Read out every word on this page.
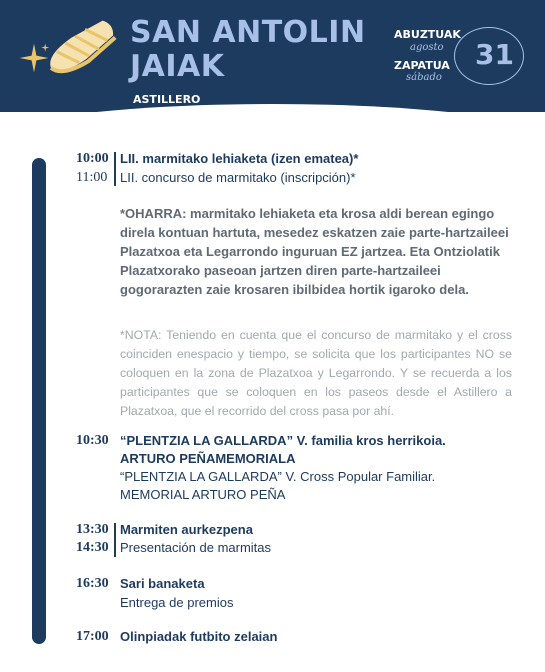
SAN ANTOLIN
JAIAK
ASTILLERO
ABUZTUAK
agosto
ZAPATUA
sábado
31
10:00
11:00
LII. marmitako lehiaketa (izen ematea)*
LII. concurso de marmitako (inscripción)*
*OHARRA: marmitako lehiaketa eta krosa aldi berean egingo direla kontuan hartuta, mesedez eskatzen zaie parte-hartzaileei Plazatxoa eta Legarrondo inguruan EZ jartzea. Eta Ontziolatik Plazatxorako paseoan jartzen diren parte-hartzaileei gogorarazten zaie krosaren ibilbidea hortik igaroko dela.
*NOTA: Teniendo en cuenta que el concurso de marmitako y el cross coinciden enespacio y tiempo, se solicita que los participantes NO se coloquen en la zona de Plazatxoa y Legarrondo. Y se recuerda a los participantes que se coloquen en los paseos desde el Astillero a Plazatxoa, que el recorrido del cross pasa por ahí.
10:30 “PLENTZIA LA GALLARDA” V. familia kros herrikoia.
ARTURO PEÑAMEMORIALA
“PLENTZIA LA GALLARDA” V. Cross Popular Familiar.
MEMORIAL ARTURO PEÑA
13:30
14:30
Marmiten aurkezpena
Presentación de marmitas
16:30 Sari banaketa
Entrega de premios
17:00 Olinpiadak futbito zelaian
